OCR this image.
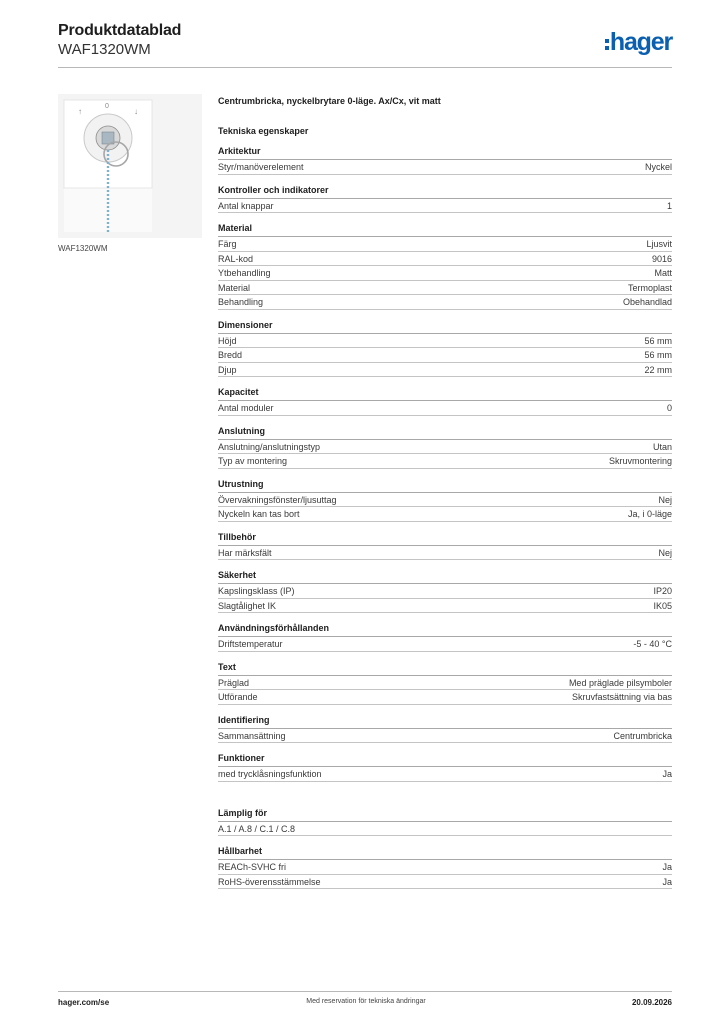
Produktdatablad
WAF1320WM	hager
↑
0
↓
WAF1320WM

Centrumbricka, nyckelbrytare 0-läge. Ax/Cx, vit matt

Tekniska egenskaper

Arkitektur
Styr/manöverelement	Nyckel
Kontroller och indikatorer
Antal knappar	1
Material
Färg	Ljusvit
RAL-kod	9016
Ytbehandling	Matt
Material	Termoplast
Behandling	Obehandlad
Dimensioner
Höjd	56 mm
Bredd	56 mm
Djup	22 mm
Kapacitet
Antal moduler	0
Anslutning
Anslutning/anslutningstyp	Utan
Typ av montering	Skruvmontering
Utrustning
Övervakningsfönster/ljusuttag	Nej
Nyckeln kan tas bort	Ja, i 0-läge
Tillbehör
Har märksfält	Nej
Säkerhet
Kapslingsklass (IP)	IP20
Slagtålighet IK	IK05
Användningsförhållanden
Driftstemperatur	-5 - 40 °C
Text
Präglad	Med präglade pilsymboler
Utförande	Skruvfastsättning via bas
Identifiering
Sammansättning	Centrumbricka
Funktioner
med trycklåsningsfunktion	Ja
Lämplig för
A.1 / A.8 / C.1 / C.8
Hållbarhet
REACh-SVHC fri	Ja
RoHS-överensstämmelse	Ja
hager.com/se	Med reservation för tekniska ändringar	20.09.2026
